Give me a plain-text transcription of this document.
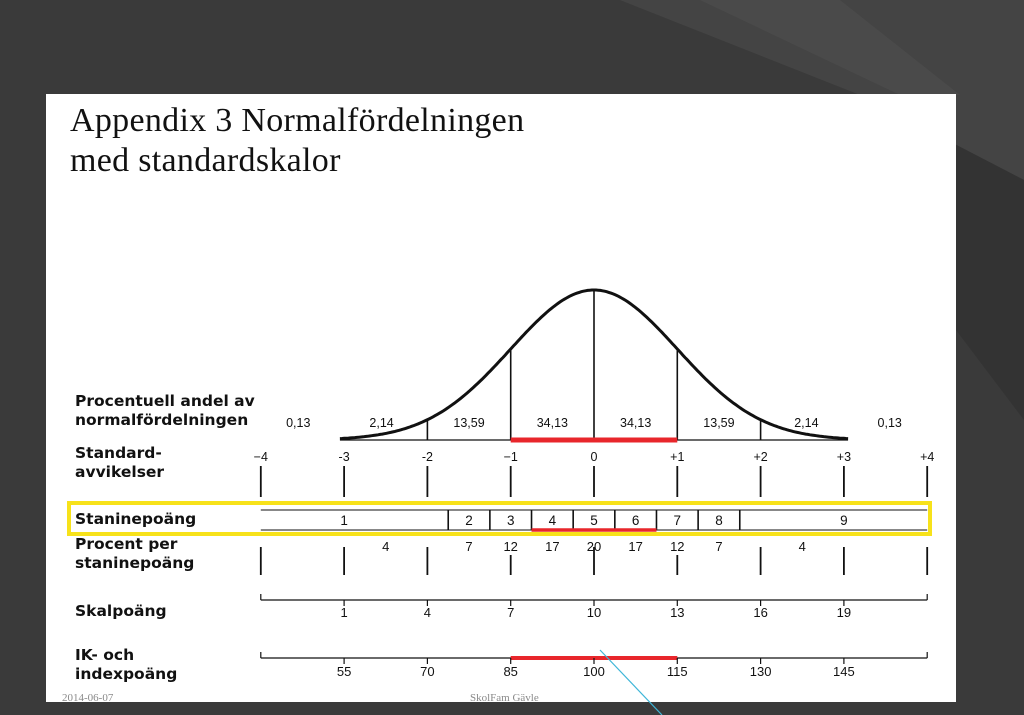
Appendix 3 Normalfördelningen
med standardskalor
Procentuell andel av
normalfördelningen
Standard-
avvikelser
Staninepoäng
Procent per
staninepoäng
Skalpoäng
IK- och
indexpoäng
0,13	2,14	13,59	34,13	34,13	13,59	2,14	0,13
−4	-3	-2	−1	0	+1	+2	+3	+4
1	2	3	4	5	6	7	8	9
4	7 12 17 20 17 12 7	4
1	4	7	10	13	16	19
55	70	85	100	115	130	145
2014-06-07	SkolFam Gävle
